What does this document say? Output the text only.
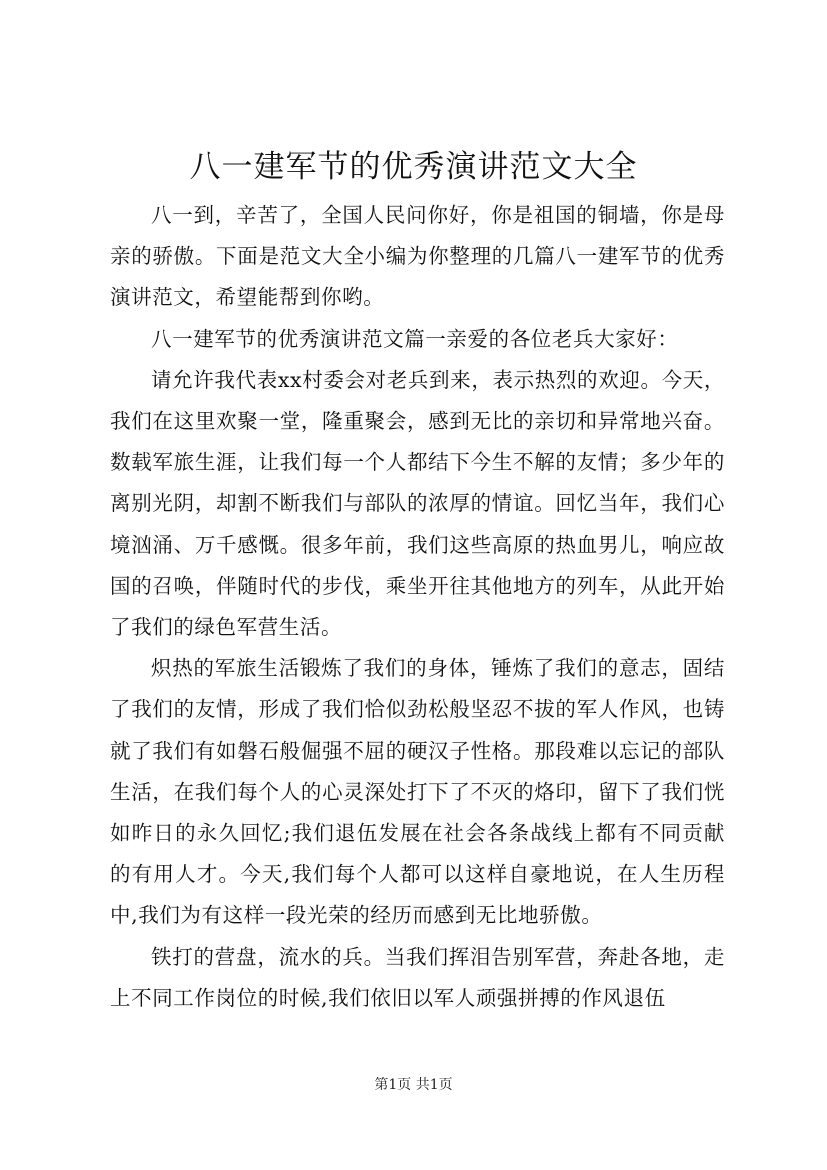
八一建军节的优秀演讲范文大全

八一到，辛苦了，全国人民问你好，你是祖国的铜墙，你是母亲的骄傲。下面是范文大全小编为你整理的几篇八一建军节的优秀演讲范文，希望能帮到你哟。

八一建军节的优秀演讲范文篇一亲爱的各位老兵大家好：

请允许我代表xx村委会对老兵到来，表示热烈的欢迎。今天，我们在这里欢聚一堂，隆重聚会，感到无比的亲切和异常地兴奋。数载军旅生涯，让我们每一个人都结下今生不解的友情；多少年的离别光阴，却割不断我们与部队的浓厚的情谊。回忆当年，我们心境汹涌、万千感慨。很多年前，我们这些高原的热血男儿，响应故国的召唤，伴随时代的步伐，乘坐开往其他地方的列车，从此开始了我们的绿色军营生活。

炽热的军旅生活锻炼了我们的身体，锤炼了我们的意志，固结了我们的友情，形成了我们恰似劲松般坚忍不拔的军人作风，也铸就了我们有如磐石般倔强不屈的硬汉子性格。那段难以忘记的部队生活，在我们每个人的心灵深处打下了不灭的烙印，留下了我们恍如昨日的永久回忆;我们退伍发展在社会各条战线上都有不同贡献的有用人才。今天,我们每个人都可以这样自豪地说，在人生历程中,我们为有这样一段光荣的经历而感到无比地骄傲。

铁打的营盘，流水的兵。当我们挥泪告别军营，奔赴各地，走上不同工作岗位的时候,我们依旧以军人顽强拼搏的作风退伍

第1页 共1页
